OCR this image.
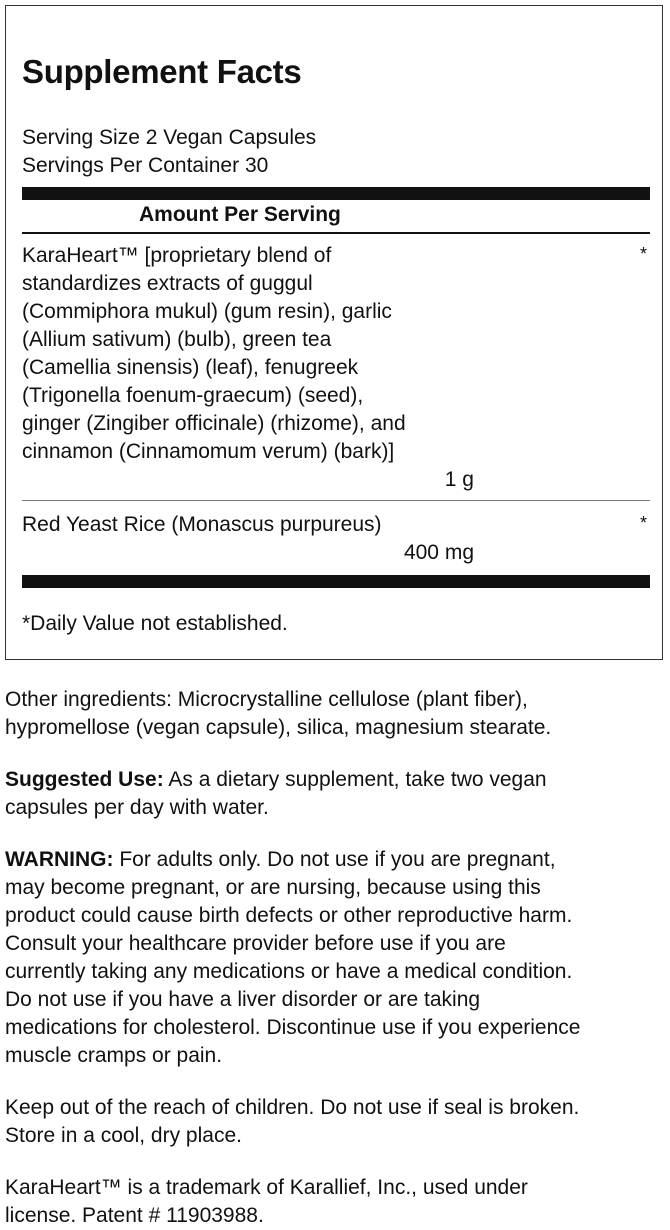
Supplement Facts
Serving Size 2 Vegan Capsules
Servings Per Container 30
Amount Per Serving
KaraHeart™ [proprietary blend of
standardizes extracts of guggul
(Commiphora mukul) (gum resin), garlic
(Allium sativum) (bulb), green tea
(Camellia sinensis) (leaf), fenugreek
(Trigonella foenum-graecum) (seed),
ginger (Zingiber officinale) (rhizome), and
cinnamon (Cinnamomum verum) (bark)]
*
1 g
Red Yeast Rice (Monascus purpureus)	*
400 mg
*Daily Value not established.

Other ingredients: Microcrystalline cellulose (plant fiber),
hypromellose (vegan capsule), silica, magnesium stearate.

Suggested Use: As a dietary supplement, take two vegan
capsules per day with water.

WARNING: For adults only. Do not use if you are pregnant,
may become pregnant, or are nursing, because using this
product could cause birth defects or other reproductive harm.
Consult your healthcare provider before use if you are
currently taking any medications or have a medical condition.
Do not use if you have a liver disorder or are taking
medications for cholesterol. Discontinue use if you experience
muscle cramps or pain.

Keep out of the reach of children. Do not use if seal is broken.
Store in a cool, dry place.

KaraHeart™ is a trademark of Karallief, Inc., used under
license. Patent # 11903988.
